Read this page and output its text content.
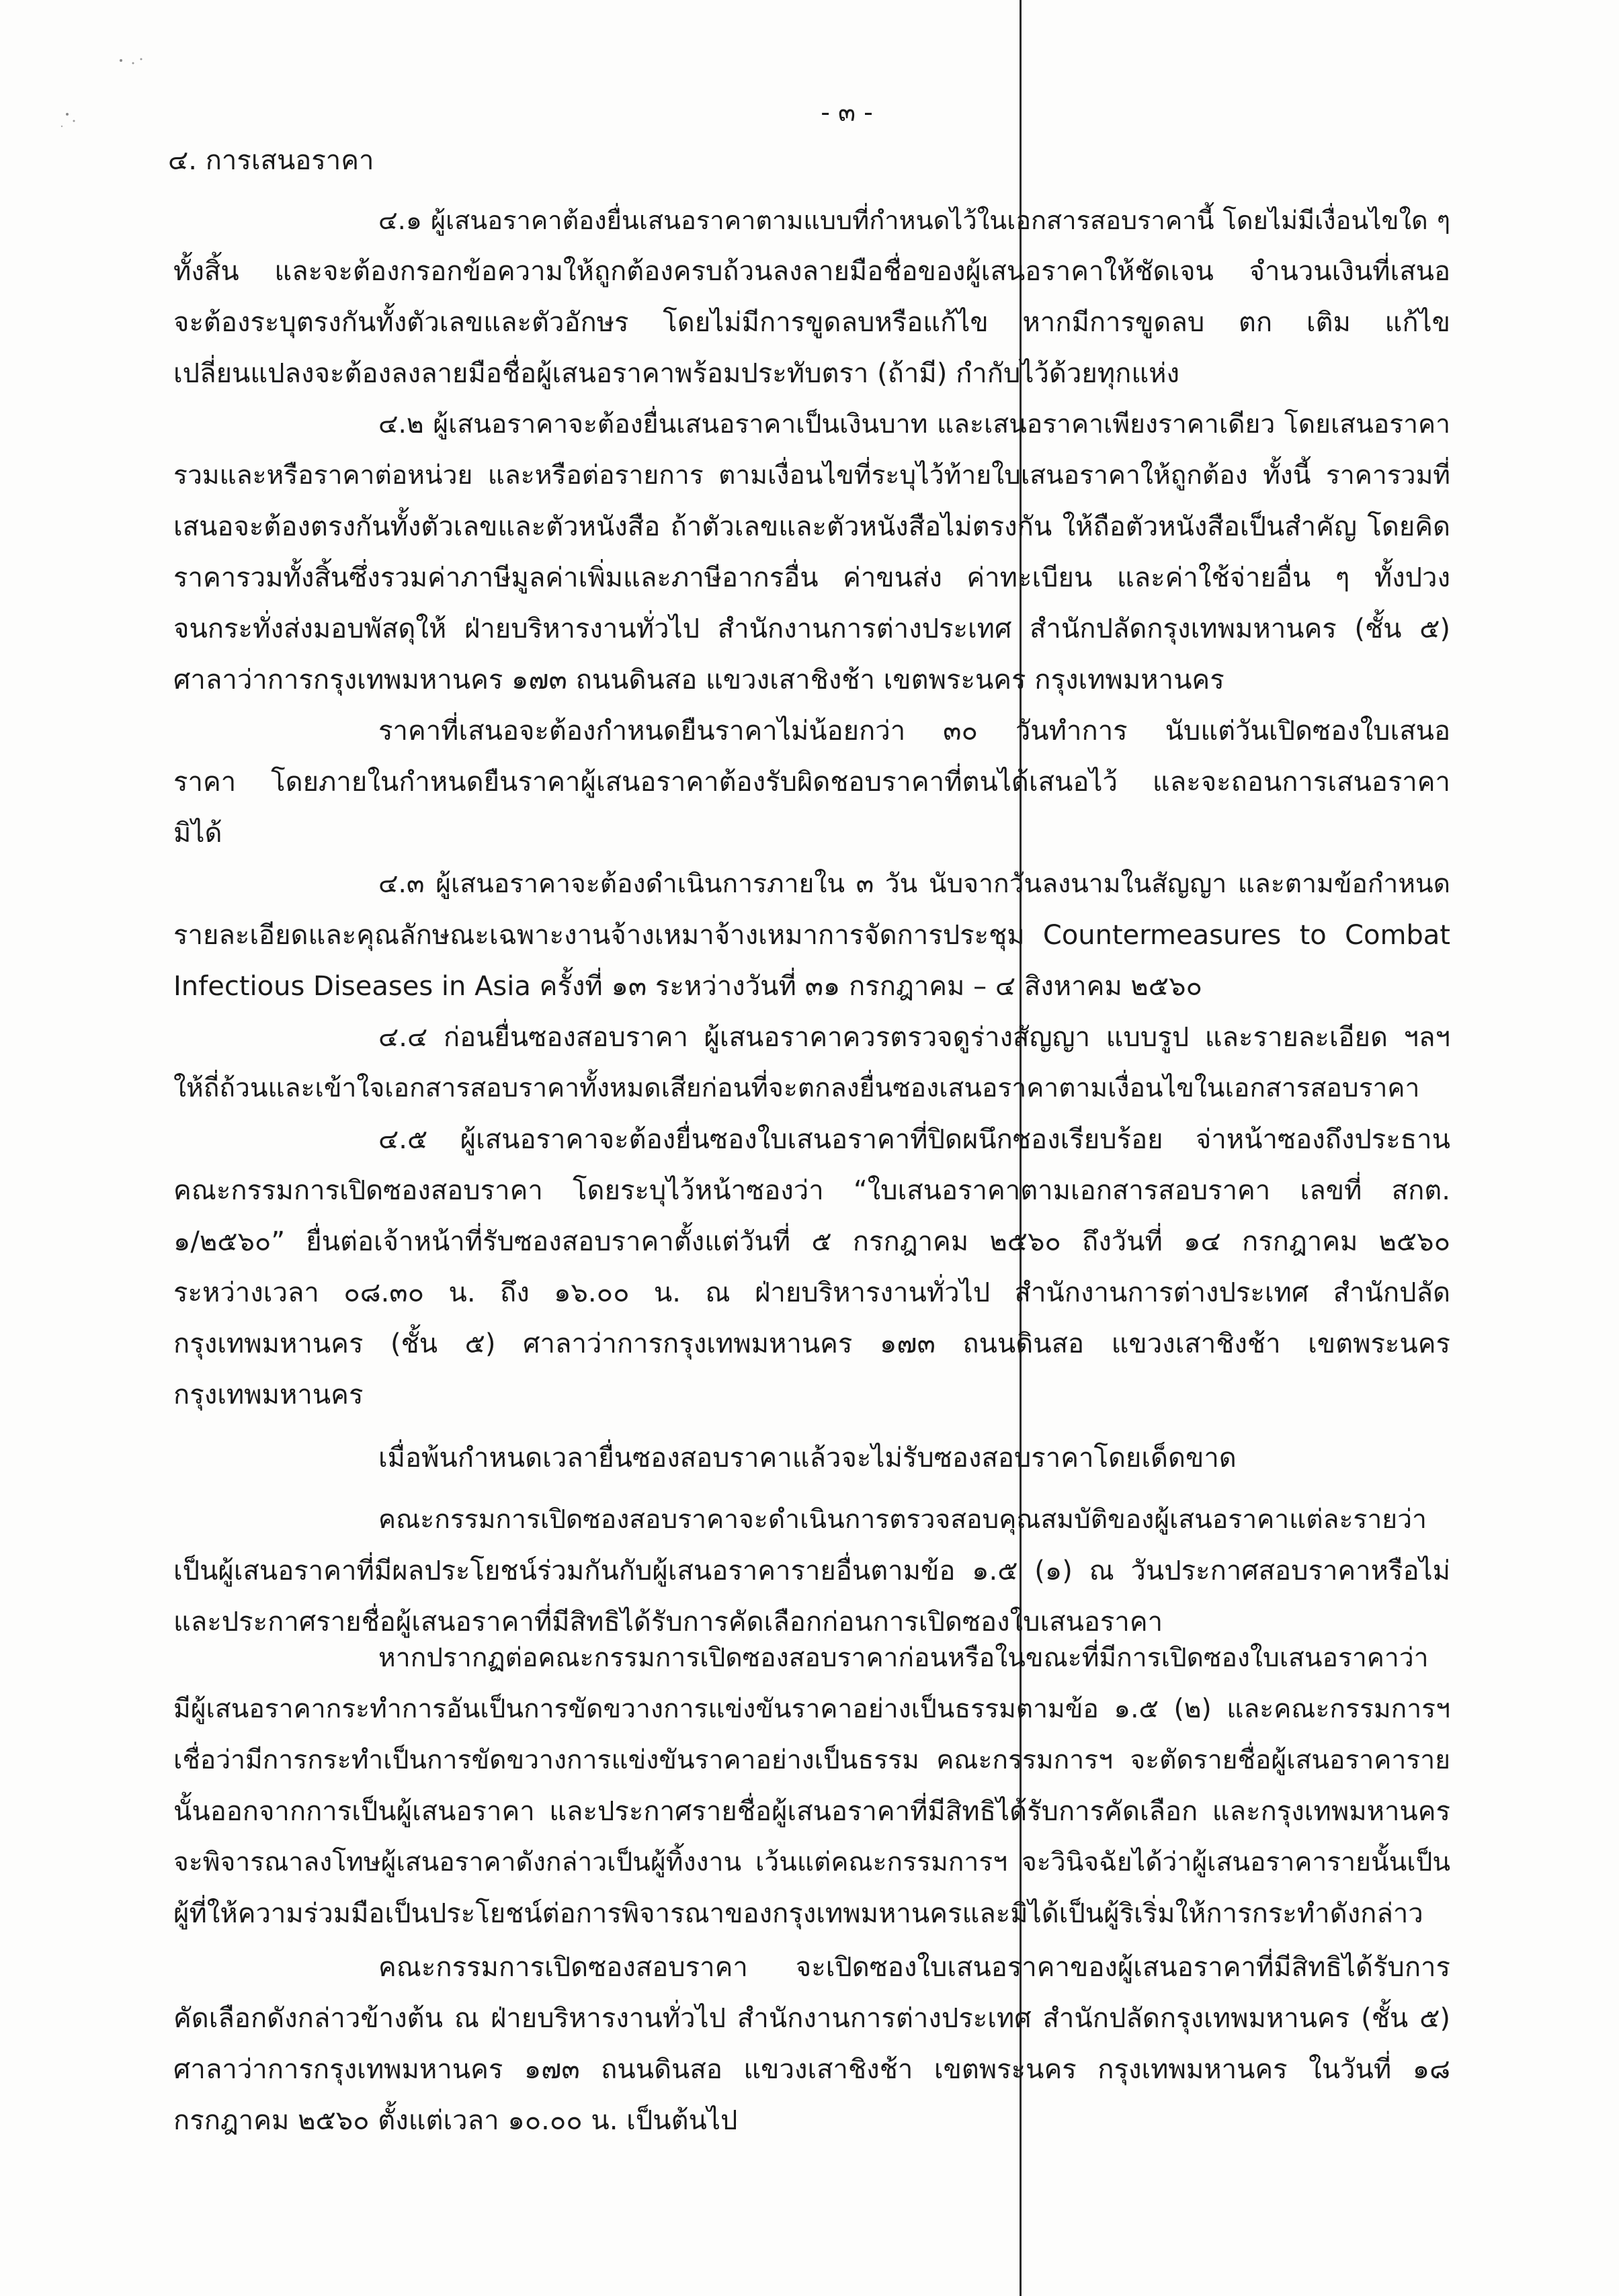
- ๓ -
๔. การเสนอราคา
๔.๑ ผู้เสนอราคาต้องยื่นเสนอราคาตามแบบที่กำหนดไว้ในเอกสารสอบราคานี้ โดยไม่มีเงื่อนไขใด ๆ
ทั้งสิ้น และจะต้องกรอกข้อความให้ถูกต้องครบถ้วนลงลายมือชื่อของผู้เสนอราคาให้ชัดเจน จำนวนเงินที่เสนอ
จะต้องระบุตรงกันทั้งตัวเลขและตัวอักษร โดยไม่มีการขูดลบหรือแก้ไข หากมีการขูดลบ ตก เติม แก้ไข
เปลี่ยนแปลงจะต้องลงลายมือชื่อผู้เสนอราคาพร้อมประทับตรา (ถ้ามี) กำกับไว้ด้วยทุกแห่ง
๔.๒ ผู้เสนอราคาจะต้องยื่นเสนอราคาเป็นเงินบาท และเสนอราคาเพียงราคาเดียว โดยเสนอราคา
รวมและหรือราคาต่อหน่วย และหรือต่อรายการ ตามเงื่อนไขที่ระบุไว้ท้ายใบเสนอราคาให้ถูกต้อง ทั้งนี้ ราคารวมที่
เสนอจะต้องตรงกันทั้งตัวเลขและตัวหนังสือ ถ้าตัวเลขและตัวหนังสือไม่ตรงกัน ให้ถือตัวหนังสือเป็นสำคัญ โดยคิด
ราคารวมทั้งสิ้นซึ่งรวมค่าภาษีมูลค่าเพิ่มและภาษีอากรอื่น ค่าขนส่ง ค่าทะเบียน และค่าใช้จ่ายอื่น ๆ ทั้งปวง
จนกระทั่งส่งมอบพัสดุให้ ฝ่ายบริหารงานทั่วไป สำนักงานการต่างประเทศ สำนักปลัดกรุงเทพมหานคร (ชั้น ๕)
ศาลาว่าการกรุงเทพมหานคร ๑๗๓ ถนนดินสอ แขวงเสาชิงช้า เขตพระนคร กรุงเทพมหานคร
ราคาที่เสนอจะต้องกำหนดยืนราคาไม่น้อยกว่า ๓๐ วันทำการ นับแต่วันเปิดซองใบเสนอ
ราคา โดยภายในกำหนดยืนราคาผู้เสนอราคาต้องรับผิดชอบราคาที่ตนได้เสนอไว้ และจะถอนการเสนอราคา
มิได้
๔.๓ ผู้เสนอราคาจะต้องดำเนินการภายใน ๓ วัน นับจากวันลงนามในสัญญา และตามข้อกำหนด
รายละเอียดและคุณลักษณะเฉพาะงานจ้างเหมาจ้างเหมาการจัดการประชุม Countermeasures to Combat
Infectious Diseases in Asia ครั้งที่ ๑๓ ระหว่างวันที่ ๓๑ กรกฎาคม – ๔ สิงหาคม ๒๕๖๐
๔.๔ ก่อนยื่นซองสอบราคา ผู้เสนอราคาควรตรวจดูร่างสัญญา แบบรูป และรายละเอียด ฯลฯ
ให้ถี่ถ้วนและเข้าใจเอกสารสอบราคาทั้งหมดเสียก่อนที่จะตกลงยื่นซองเสนอราคาตามเงื่อนไขในเอกสารสอบราคา
๔.๕ ผู้เสนอราคาจะต้องยื่นซองใบเสนอราคาที่ปิดผนึกซองเรียบร้อย จ่าหน้าซองถึงประธาน
คณะกรรมการเปิดซองสอบราคา โดยระบุไว้หน้าซองว่า “ใบเสนอราคาตามเอกสารสอบราคา เลขที่ สกต.
๑/๒๕๖๐” ยื่นต่อเจ้าหน้าที่รับซองสอบราคาตั้งแต่วันที่ ๕ กรกฎาคม ๒๕๖๐ ถึงวันที่ ๑๔ กรกฎาคม ๒๕๖๐
ระหว่างเวลา ๐๘.๓๐ น. ถึง ๑๖.๐๐ น. ณ ฝ่ายบริหารงานทั่วไป สำนักงานการต่างประเทศ สำนักปลัด
กรุงเทพมหานคร (ชั้น ๕) ศาลาว่าการกรุงเทพมหานคร ๑๗๓ ถนนดินสอ แขวงเสาชิงช้า เขตพระนคร
กรุงเทพมหานคร
เมื่อพ้นกำหนดเวลายื่นซองสอบราคาแล้วจะไม่รับซองสอบราคาโดยเด็ดขาด
คณะกรรมการเปิดซองสอบราคาจะดำเนินการตรวจสอบคุณสมบัติของผู้เสนอราคาแต่ละรายว่า
เป็นผู้เสนอราคาที่มีผลประโยชน์ร่วมกันกับผู้เสนอราคารายอื่นตามข้อ ๑.๕ (๑) ณ วันประกาศสอบราคาหรือไม่
และประกาศรายชื่อผู้เสนอราคาที่มีสิทธิได้รับการคัดเลือกก่อนการเปิดซองใบเสนอราคา
หากปรากฏต่อคณะกรรมการเปิดซองสอบราคาก่อนหรือในขณะที่มีการเปิดซองใบเสนอราคาว่า
มีผู้เสนอราคากระทำการอันเป็นการขัดขวางการแข่งขันราคาอย่างเป็นธรรมตามข้อ ๑.๕ (๒) และคณะกรรมการฯ
เชื่อว่ามีการกระทำเป็นการขัดขวางการแข่งขันราคาอย่างเป็นธรรม คณะกรรมการฯ จะตัดรายชื่อผู้เสนอราคาราย
นั้นออกจากการเป็นผู้เสนอราคา และประกาศรายชื่อผู้เสนอราคาที่มีสิทธิได้รับการคัดเลือก และกรุงเทพมหานคร
จะพิจารณาลงโทษผู้เสนอราคาดังกล่าวเป็นผู้ทิ้งงาน เว้นแต่คณะกรรมการฯ จะวินิจฉัยได้ว่าผู้เสนอราคารายนั้นเป็น
ผู้ที่ให้ความร่วมมือเป็นประโยชน์ต่อการพิจารณาของกรุงเทพมหานครและมิได้เป็นผู้ริเริ่มให้การกระทำดังกล่าว
คณะกรรมการเปิดซองสอบราคา จะเปิดซองใบเสนอราคาของผู้เสนอราคาที่มีสิทธิได้รับการ
คัดเลือกดังกล่าวข้างต้น ณ ฝ่ายบริหารงานทั่วไป สำนักงานการต่างประเทศ สำนักปลัดกรุงเทพมหานคร (ชั้น ๕)
ศาลาว่าการกรุงเทพมหานคร ๑๗๓ ถนนดินสอ แขวงเสาชิงช้า เขตพระนคร กรุงเทพมหานคร ในวันที่ ๑๘
กรกฎาคม ๒๕๖๐ ตั้งแต่เวลา ๑๐.๐๐ น. เป็นต้นไป
